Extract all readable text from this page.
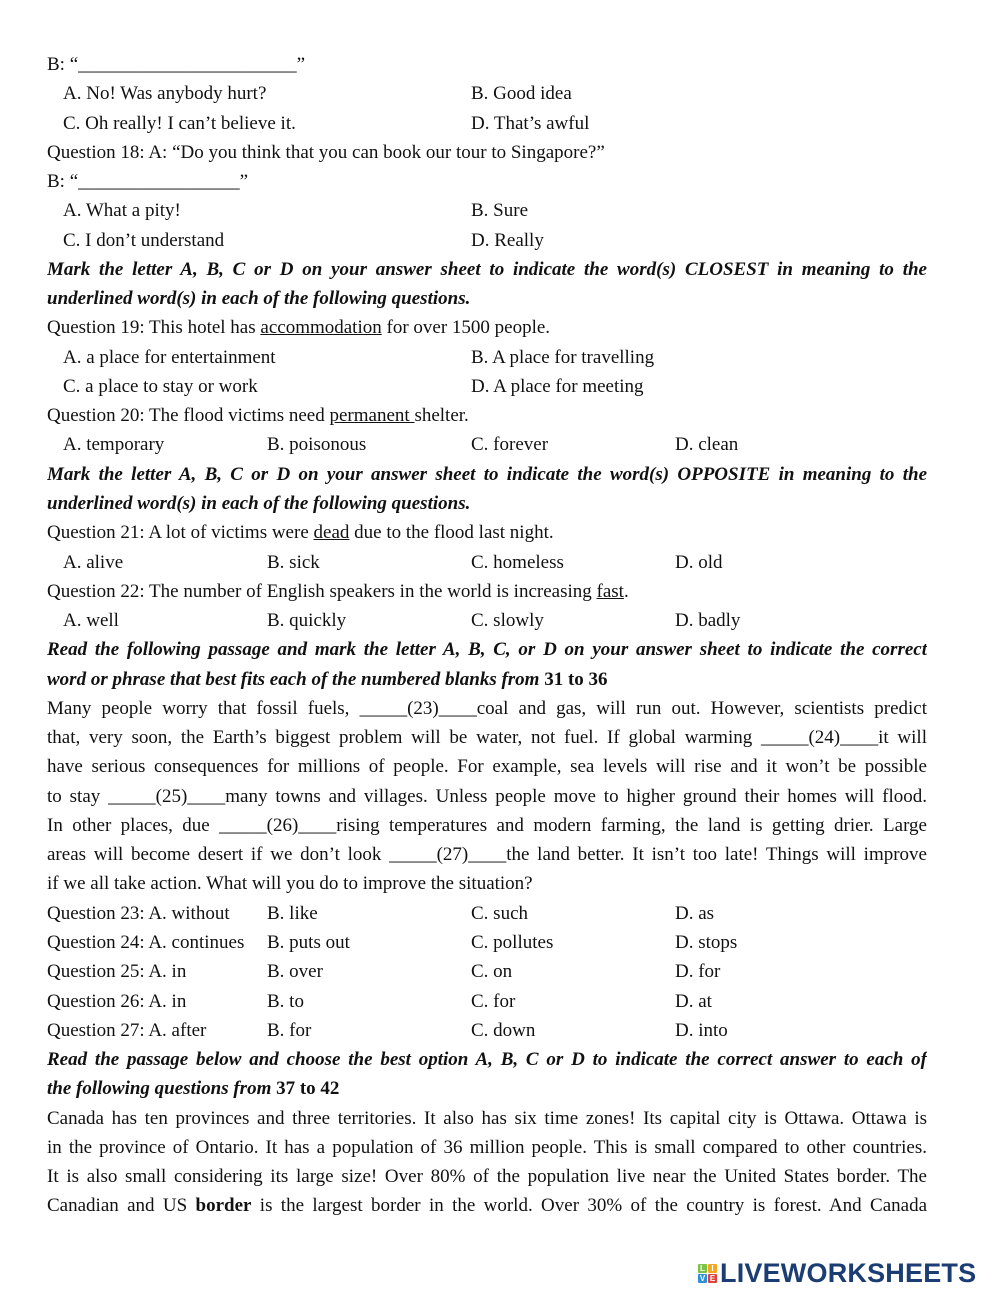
B: “_______________________”
A. No! Was anybody hurt?	B. Good idea
C. Oh really! I can’t believe it.	D. That’s awful
Question 18: A: “Do you think that you can book our tour to Singapore?”
B: “_________________”
A. What a pity!	B. Sure
C. I don’t understand	D. Really
Mark the letter A, B, C or D on your answer sheet to indicate the word(s) CLOSEST in meaning to the
underlined word(s) in each of the following questions.
Question 19: This hotel has accommodation for over 1500 people.
A. a place for entertainment	B. A place for travelling
C. a place to stay or work	D. A place for meeting
Question 20: The flood victims need permanent shelter.
A. temporary	B. poisonous	C. forever	D. clean
Mark the letter A, B, C or D on your answer sheet to indicate the word(s) OPPOSITE in meaning to the
underlined word(s) in each of the following questions.
Question 21: A lot of victims were dead due to the flood last night.
A. alive	B. sick	C. homeless	D. old
Question 22: The number of English speakers in the world is increasing fast.
A. well	B. quickly	C. slowly	D. badly
Read the following passage and mark the letter A, B, C, or D on your answer sheet to indicate the correct
word or phrase that best fits each of the numbered blanks from 31 to 36
Many people worry that fossil fuels, _____(23)____coal and gas, will run out. However, scientists predict
that, very soon, the Earth’s biggest problem will be water, not fuel. If global warming _____(24)____it will
have serious consequences for millions of people. For example, sea levels will rise and it won’t be possible
to stay _____(25)____many towns and villages. Unless people move to higher ground their homes will flood.
In other places, due _____(26)____rising temperatures and modern farming, the land is getting drier. Large
areas will become desert if we don’t look _____(27)____the land better. It isn’t too late! Things will improve
if we all take action. What will you do to improve the situation?
Question 23: A. without B. like	C. such	D. as
Question 24: A. continues B. puts out	C. pollutes	D. stops
Question 25: A. in	B. over	C. on	D. for
Question 26: A. in	B. to	C. for	D. at
Question 27: A. after	B. for	C. down	D. into
Read the passage below and choose the best option A, B, C or D to indicate the correct answer to each of
the following questions from 37 to 42
Canada has ten provinces and three territories. It also has six time zones! Its capital city is Ottawa. Ottawa is
in the province of Ontario. It has a population of 36 million people. This is small compared to other countries.
It is also small considering its large size! Over 80% of the population live near the United States border. The
Canadian and US border is the largest border in the world. Over 30% of the country is forest. And Canada
L I
V E LIVEWORKSHEETS
